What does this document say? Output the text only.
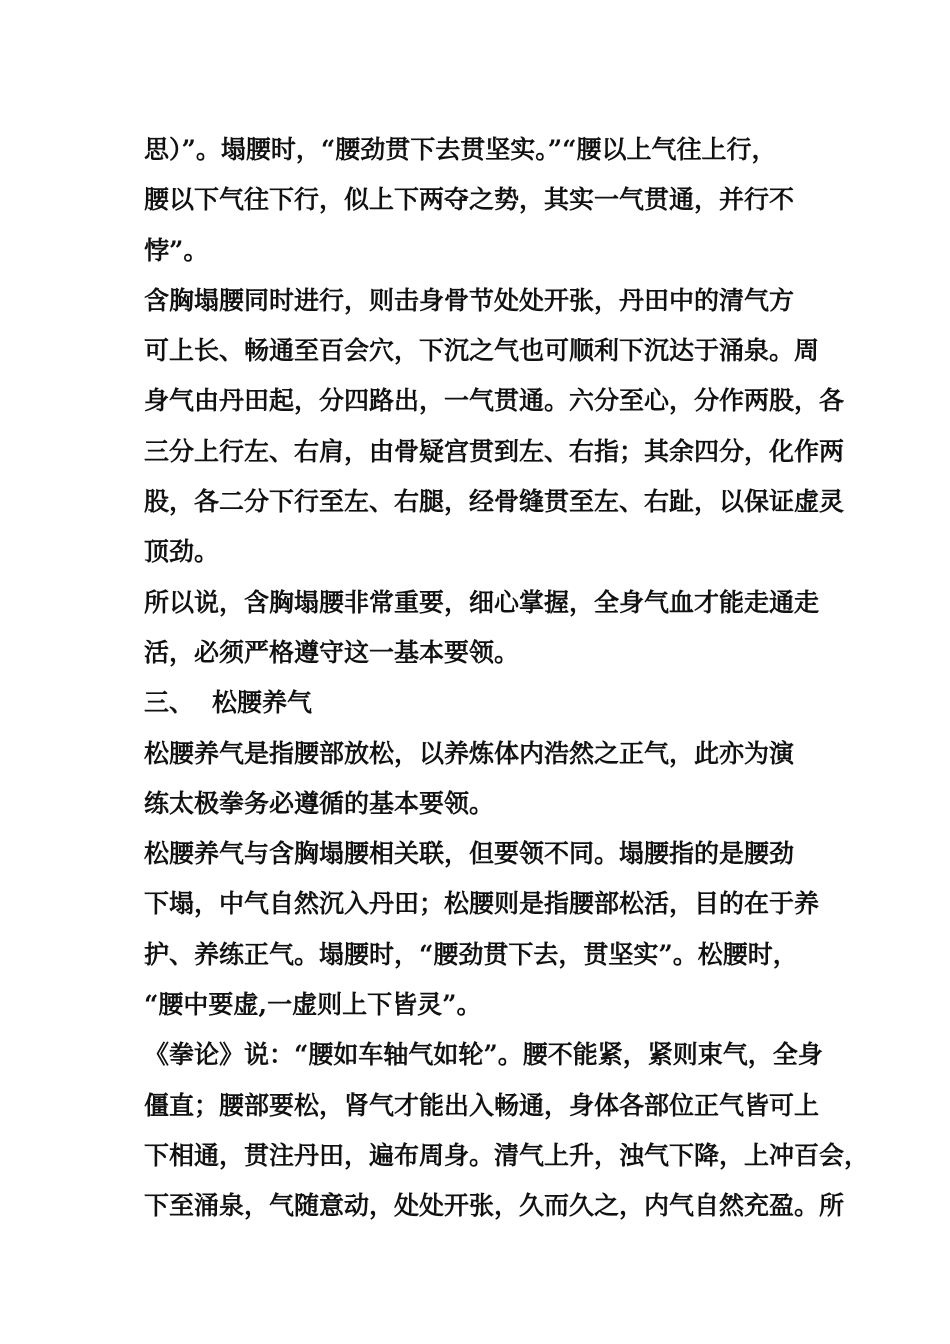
思）”。塌腰时，“腰劲贯下去贯坚实。”“腰以上气往上行，
腰以下气往下行，似上下两夺之势，其实一气贯通，并行不
悖”。
含胸塌腰同时进行，则击身骨节处处开张，丹田中的清气方
可上长、畅通至百会穴，下沉之气也可顺利下沉达于涌泉。周
身气由丹田起，分四路出，一气贯通。六分至心，分作两股，各
三分上行左、右肩，由骨疑宫贯到左、右指；其余四分，化作两
股，各二分下行至左、右腿，经骨缝贯至左、右趾，以保证虚灵
顶劲。
所以说，含胸塌腰非常重要，细心掌握，全身气血才能走通走
活，必须严格遵守这一基本要领。
三、 松腰养气
松腰养气是指腰部放松，以养炼体内浩然之正气，此亦为演
练太极拳务必遵循的基本要领。
松腰养气与含胸塌腰相关联，但要领不同。塌腰指的是腰劲
下塌，中气自然沉入丹田；松腰则是指腰部松活，目的在于养
护、养练正气。塌腰时，“腰劲贯下去，贯坚实”。松腰时，
“腰中要虚,一虚则上下皆灵”。
《拳论》说：“腰如车轴气如轮”。腰不能紧，紧则束气，全身
僵直；腰部要松，肾气才能出入畅通，身体各部位正气皆可上
下相通，贯注丹田，遍布周身。清气上升，浊气下降，上冲百会，
下至涌泉，气随意动，处处开张，久而久之，内气自然充盈。所
